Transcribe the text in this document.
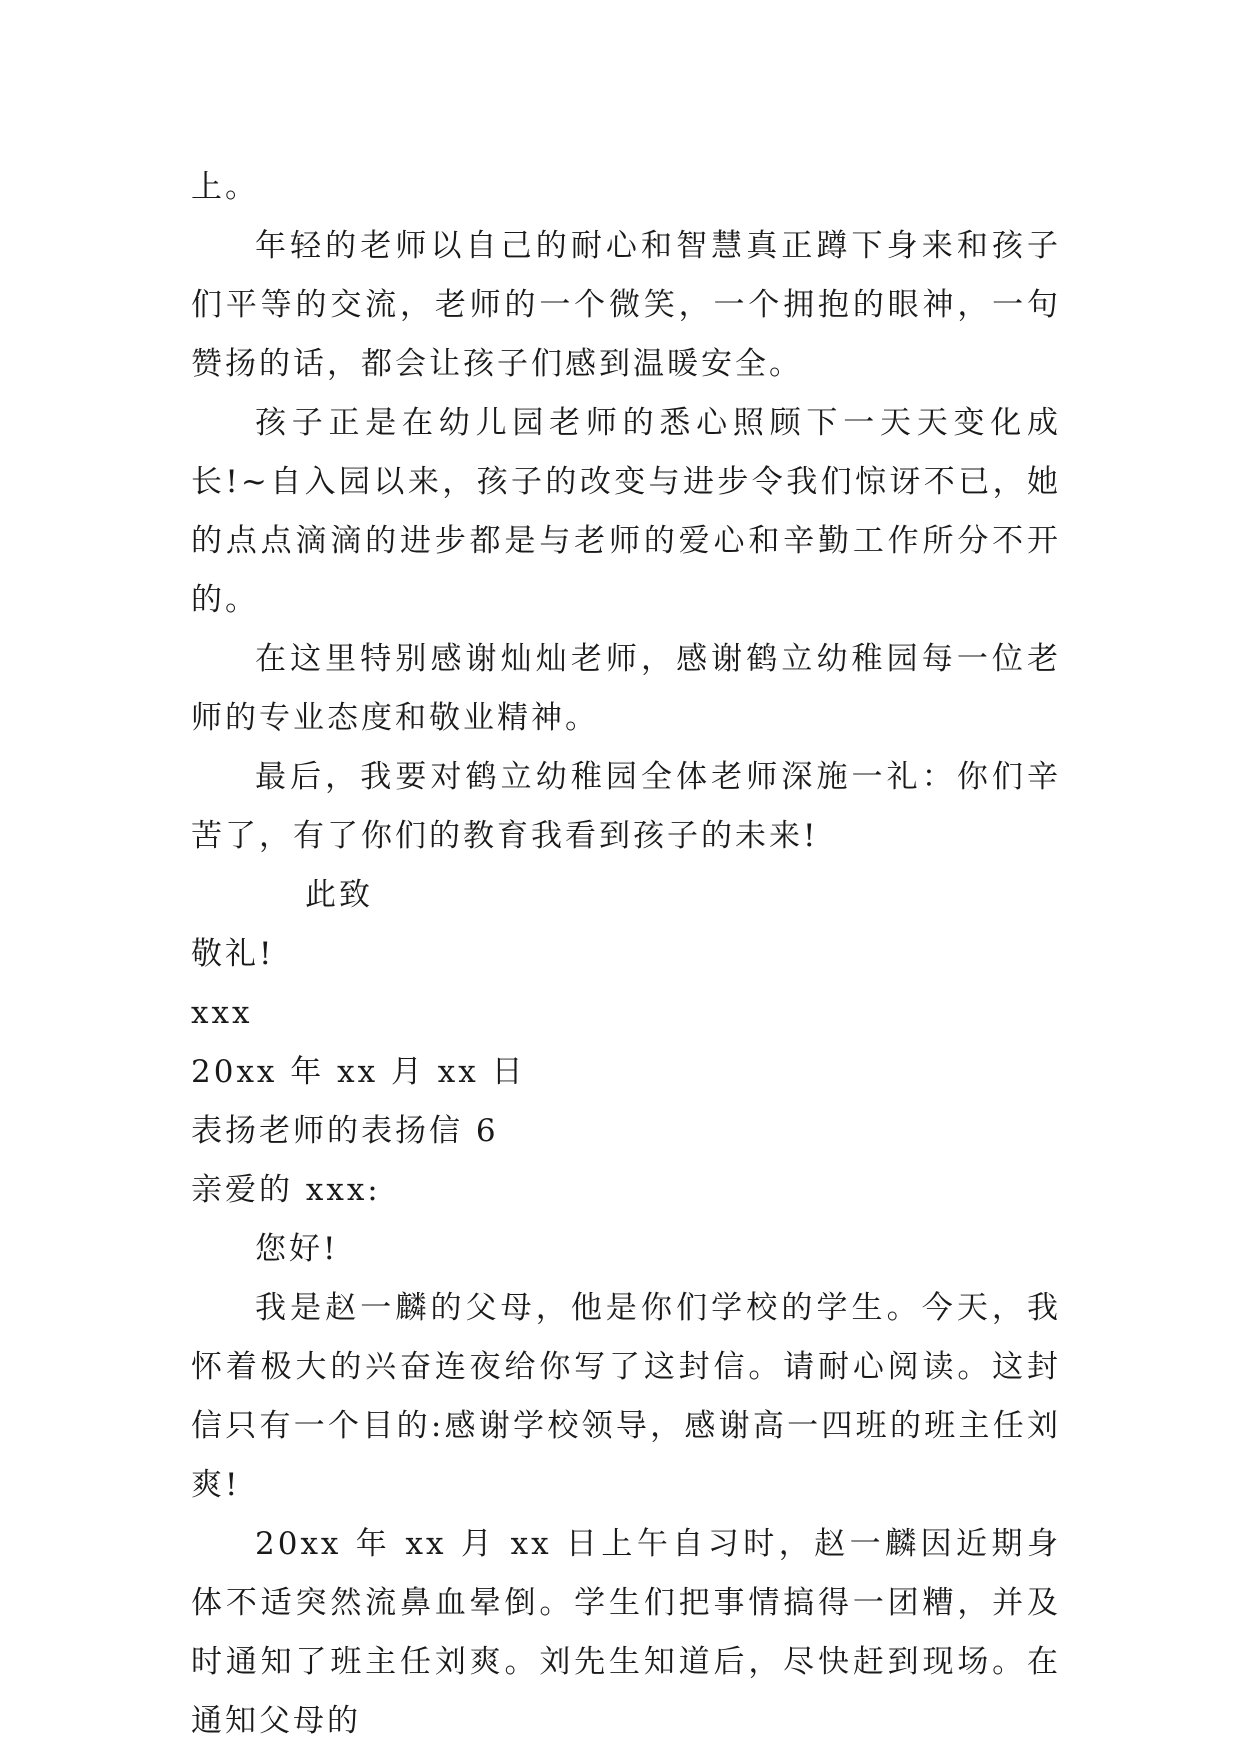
上。

年轻的老师以自己的耐心和智慧真正蹲下身来和孩子们平等的交流，老师的一个微笑，一个拥抱的眼神，一句赞扬的话，都会让孩子们感到温暖安全。

孩子正是在幼儿园老师的悉心照顾下一天天变化成长!~自入园以来，孩子的改变与进步令我们惊讶不已，她的点点滴滴的进步都是与老师的爱心和辛勤工作所分不开的。

在这里特别感谢灿灿老师，感谢鹤立幼稚园每一位老师的专业态度和敬业精神。

最后，我要对鹤立幼稚园全体老师深施一礼：你们辛苦了，有了你们的教育我看到孩子的未来!

此致

敬礼!

xxx

20xx 年 xx 月 xx 日

表扬老师的表扬信 6

亲爱的 xxx:

您好!

我是赵一麟的父母，他是你们学校的学生。今天，我怀着极大的兴奋连夜给你写了这封信。请耐心阅读。这封信只有一个目的:感谢学校领导，感谢高一四班的班主任刘爽!

20xx 年 xx 月 xx 日上午自习时，赵一麟因近期身体不适突然流鼻血晕倒。学生们把事情搞得一团糟，并及时通知了班主任刘爽。刘先生知道后，尽快赶到现场。在通知父母的
